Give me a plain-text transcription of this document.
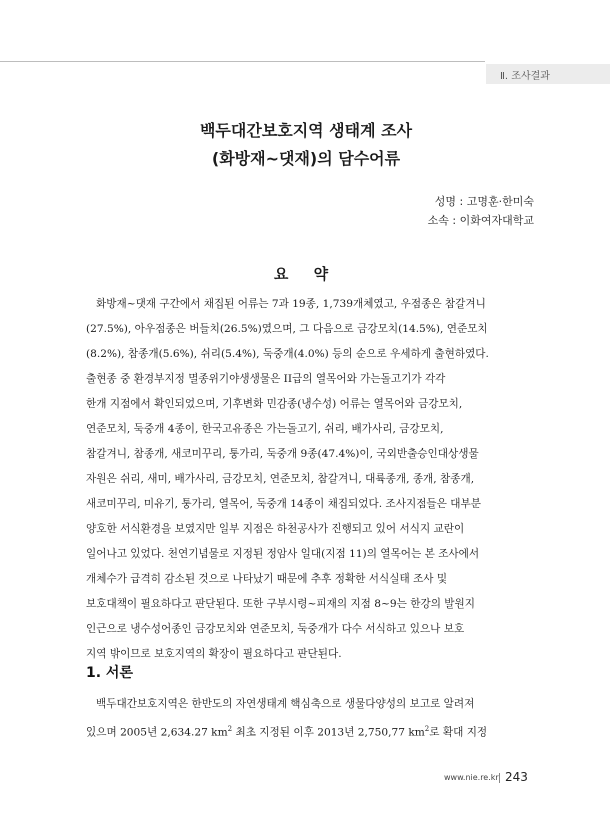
Ⅱ. 조사결과
백두대간보호지역 생태계 조사
(화방재~댓재)의 담수어류
성명 : 고명훈·한미숙
소속 : 이화여자대학교
요 약
화방재~댓재 구간에서 채집된 어류는 7과 19종, 1,739개체였고, 우점종은 참갈겨니
(27.5%), 아우점종은 버들치(26.5%)였으며, 그 다음으로 금강모치(14.5%), 연준모치
(8.2%), 참종개(5.6%), 쉬리(5.4%), 둑중개(4.0%) 등의 순으로 우세하게 출현하였다.
출현종 중 환경부지정 멸종위기야생생물은 II급의 열목어와 가는돌고기가 각각
한개 지점에서 확인되었으며, 기후변화 민감종(냉수성) 어류는 열목어와 금강모치,
연준모치, 둑중개 4종이, 한국고유종은 가는돌고기, 쉬리, 배가사리, 금강모치,
참갈겨니, 참종개, 새코미꾸리, 퉁가리, 둑중개 9종(47.4%)이, 국외반출승인대상생물
자원은 쉬리, 새미, 배가사리, 금강모치, 연준모치, 참갈겨니, 대륙종개, 종개, 참종개,
새코미꾸리, 미유기, 퉁가리, 열목어, 둑중개 14종이 채집되었다. 조사지점들은 대부분
양호한 서식환경을 보였지만 일부 지점은 하천공사가 진행되고 있어 서식지 교란이
일어나고 있었다. 천연기념물로 지정된 정암사 일대(지점 11)의 열목어는 본 조사에서
개체수가 급격히 감소된 것으로 나타났기 때문에 추후 정확한 서식실태 조사 및
보호대책이 필요하다고 판단된다. 또한 구부시령~피재의 지점 8~9는 한강의 발원지
인근으로 냉수성어종인 금강모치와 연준모치, 둑중개가 다수 서식하고 있으나 보호
지역 밖이므로 보호지역의 확장이 필요하다고 판단된다.
1. 서론
백두대간보호지역은 한반도의 자연생태계 핵심축으로 생물다양성의 보고로 알려져
있으며 2005년 2,634.27 $km^2$ 최초 지정된 이후 2013년 2,750,77 $km^2$로 확대 지정
www.nie.re.kr 243
